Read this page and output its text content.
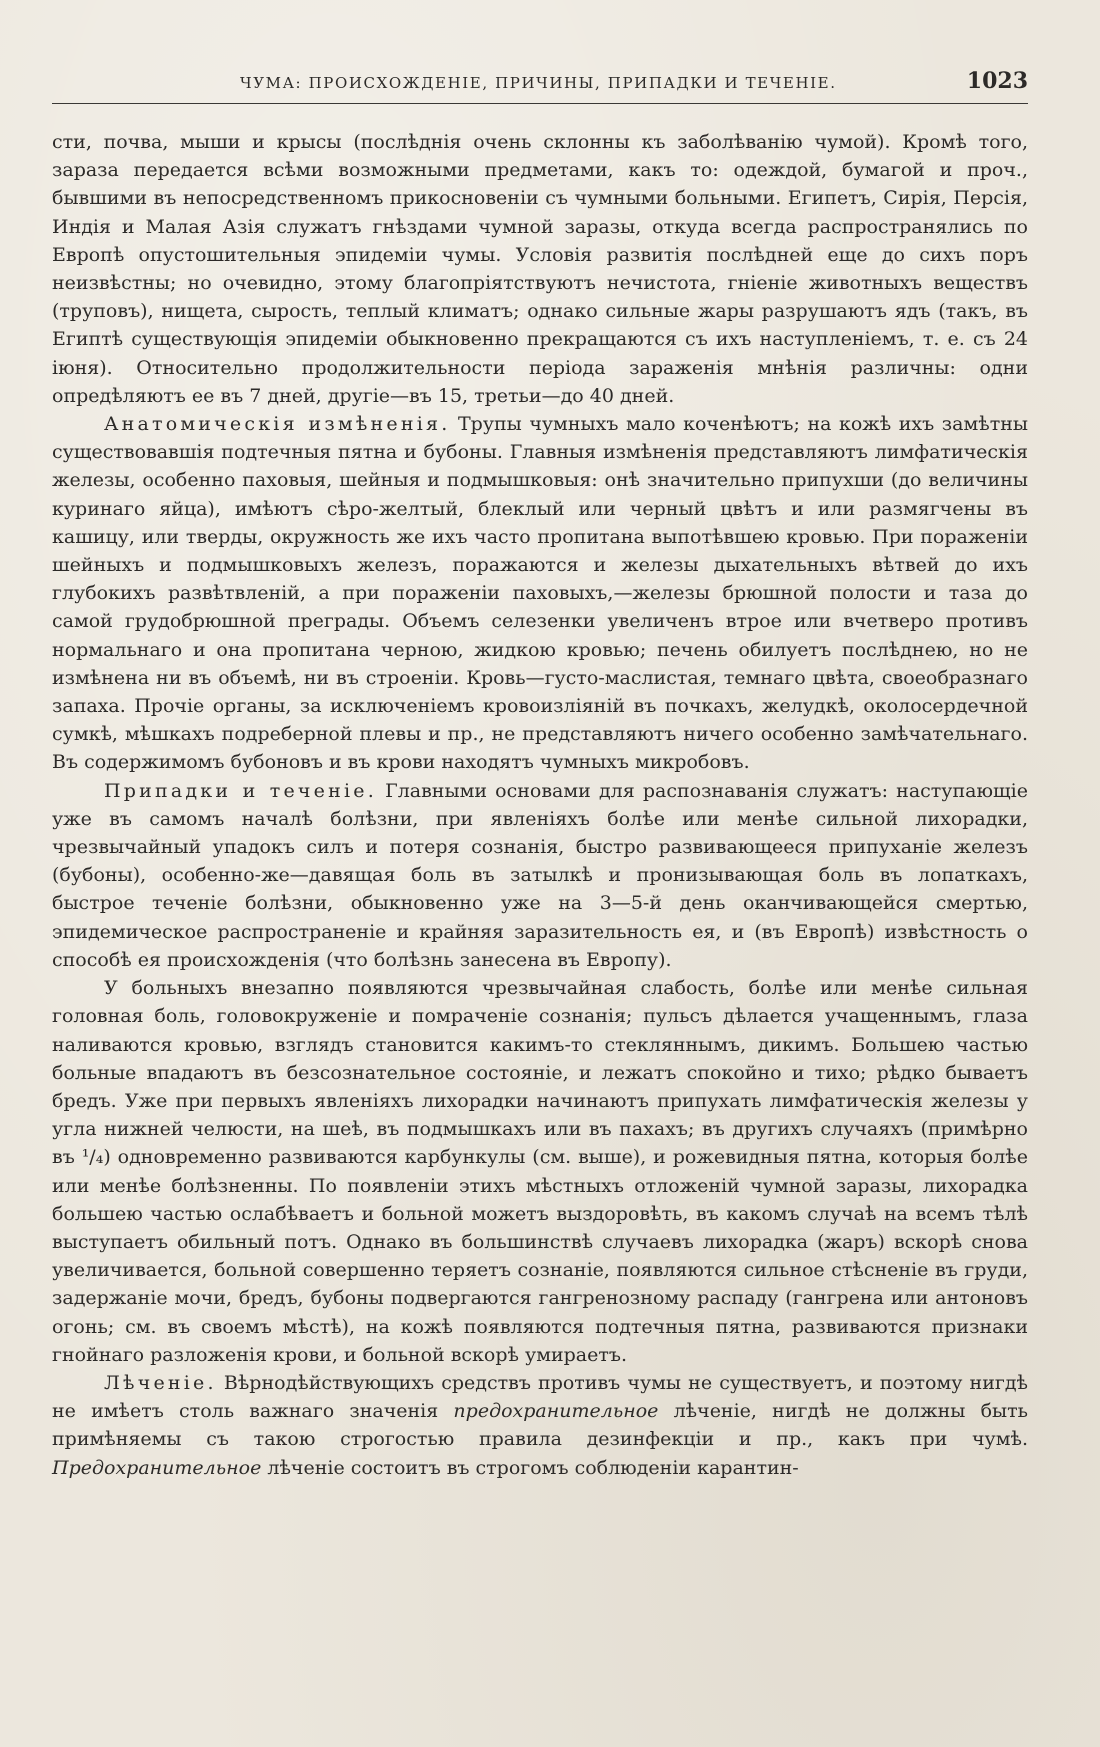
ЧУМА: ПРОИСХОЖДЕНІЕ, ПРИЧИНЫ, ПРИПАДКИ И ТЕЧЕНІЕ.	1023

сти, почва, мыши и крысы (послѣднія очень склонны къ заболѣванію чумой). Кромѣ того, зараза передается всѣми возможными предметами, какъ то: одеждой, бумагой и проч., бывшими въ непосредственномъ прикосновеніи съ чумными больными. Египетъ, Сирія, Персія, Индія и Малая Азія служатъ гнѣздами чумной заразы, откуда всегда распространялись по Европѣ опустошительныя эпидеміи чумы. Условія развитія послѣдней еще до сихъ поръ неизвѣстны; но очевидно, этому благопріятствуютъ нечистота, гніеніе животныхъ веществъ (труповъ), нищета, сырость, теплый климатъ; однако сильные жары разрушаютъ ядъ (такъ, въ Египтѣ существующія эпидеміи обыкновенно прекращаются съ ихъ наступленіемъ, т. е. съ 24 іюня). Относительно продолжительности періода зараженія мнѣнія различны: одни опредѣляютъ ее въ 7 дней, другіе—въ 15, третьи—до 40 дней.

Анатомическія измѣненія. Трупы чумныхъ мало коченѣютъ; на кожѣ ихъ замѣтны существовавшія подтечныя пятна и бубоны. Главныя измѣненія представляютъ лимфатическія железы, особенно паховыя, шейныя и подмышковыя: онѣ значительно припухши (до величины куринаго яйца), имѣютъ сѣро-желтый, блеклый или черный цвѣтъ и или размягчены въ кашицу, или тверды, окружность же ихъ часто пропитана выпотѣвшею кровью. При пораженіи шейныхъ и подмышковыхъ железъ, поражаются и железы дыхательныхъ вѣтвей до ихъ глубокихъ развѣтвленій, а при пораженіи паховыхъ,—железы брюшной полости и таза до самой грудобрюшной преграды. Объемъ селезенки увеличенъ втрое или вчетверо противъ нормальнаго и она пропитана черною, жидкою кровью; печень обилуетъ послѣднею, но не измѣнена ни въ объемѣ, ни въ строеніи. Кровь—густо-маслистая, темнаго цвѣта, своеобразнаго запаха. Прочіе органы, за исключеніемъ кровоизліяній въ почкахъ, желудкѣ, околосердечной сумкѣ, мѣшкахъ подреберной плевы и пр., не представляютъ ничего особенно замѣчательнаго. Въ содержимомъ бубоновъ и въ крови находятъ чумныхъ микробовъ.

Припадки и теченіе. Главными основами для распознаванія служатъ: наступающіе уже въ самомъ началѣ болѣзни, при явленіяхъ болѣе или менѣе сильной лихорадки, чрезвычайный упадокъ силъ и потеря сознанія, быстро развивающееся припуханіе железъ (бубоны), особенно-же—давящая боль въ затылкѣ и пронизывающая боль въ лопаткахъ, быстрое теченіе болѣзни, обыкновенно уже на 3—5-й день оканчивающейся смертью, эпидемическое распространеніе и крайняя заразительность ея, и (въ Европѣ) извѣстность о способѣ ея происхожденія (что болѣзнь занесена въ Европу).

У больныхъ внезапно появляются чрезвычайная слабость, болѣе или менѣе сильная головная боль, головокруженіе и помраченіе сознанія; пульсъ дѣлается учащеннымъ, глаза наливаются кровью, взглядъ становится какимъ-то стекляннымъ, дикимъ. Большею частью больные впадаютъ въ безсознательное состояніе, и лежатъ спокойно и тихо; рѣдко бываетъ бредъ. Уже при первыхъ явленіяхъ лихорадки начинаютъ припухать лимфатическія железы у угла нижней челюсти, на шеѣ, въ подмышкахъ или въ пахахъ; въ другихъ случаяхъ (примѣрно въ ¹/₄) одновременно развиваются карбункулы (см. выше), и рожевидныя пятна, которыя болѣе или менѣе болѣзненны. По появленіи этихъ мѣстныхъ отложеній чумной заразы, лихорадка большею частью ослабѣваетъ и больной можетъ выздоровѣть, въ какомъ случаѣ на всемъ тѣлѣ выступаетъ обильный потъ. Однако въ большинствѣ случаевъ лихорадка (жаръ) вскорѣ снова увеличивается, больной совершенно теряетъ сознаніе, появляются сильное стѣсненіе въ груди, задержаніе мочи, бредъ, бубоны подвергаются гангренозному распаду (гангрена или антоновъ огонь; см. въ своемъ мѣстѣ), на кожѣ появляются подтечныя пятна, развиваются признаки гнойнаго разложенія крови, и больной вскорѣ умираетъ.

Лѣченіе. Вѣрнодѣйствующихъ средствъ противъ чумы не существуетъ, и поэтому нигдѣ не имѣетъ столь важнаго значенія предохранительное лѣченіе, нигдѣ не должны быть примѣняемы съ такою строгостью правила дезинфекціи и пр., какъ при чумѣ. Предохранительное лѣченіе состоитъ въ строгомъ соблюденіи карантин-
